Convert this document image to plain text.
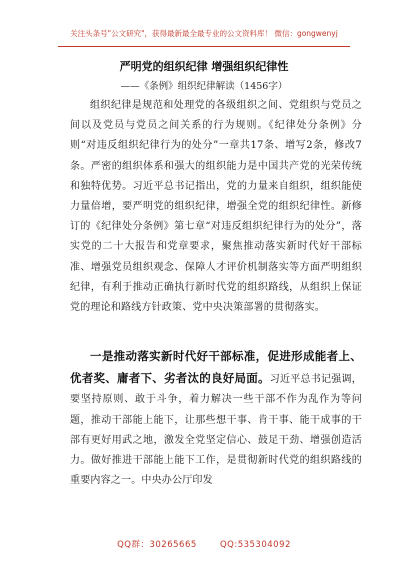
关注头条号"公文研究"，获得最新最全最专业的公文资料库！ 微信：gongwenyj
严明党的组织纪律 增强组织纪律性
——《条例》组织纪律解读（1456字）
组织纪律是规范和处理党的各级组织之间、党组织与党员之间以及党员与党员之间关系的行为规则。《纪律处分条例》分则“对违反组织纪律行为的处分”一章共17条、增写2条，修改7条。严密的组织体系和强大的组织能力是中国共产党的光荣传统和独特优势。习近平总书记指出，党的力量来自组织，组织能使力量倍增，要严明党的组织纪律，增强全党的组织纪律性。新修订的《纪律处分条例》第七章“对违反组织纪律行为的处分”，落实党的二十大报告和党章要求，聚焦推动落实新时代好干部标准、增强党员组织观念、保障人才评价机制落实等方面严明组织纪律，有利于推动正确执行新时代党的组织路线，从组织上保证党的理论和路线方针政策、党中央决策部署的贯彻落实。
一是推动落实新时代好干部标准，促进形成能者上、优者奖、庸者下、劣者汰的良好局面。习近平总书记强调，要坚持原则、敢于斗争，着力解决一些干部不作为乱作为等问题，推动干部能上能下，让那些想干事、肯干事、能干成事的干部有更好用武之地，激发全党坚定信心、鼓足干劲、增强创造活力。做好推进干部能上能下工作，是贯彻新时代党的组织路线的重要内容之一。中央办公厅印发
QQ群：30265665	QQ:535304092
